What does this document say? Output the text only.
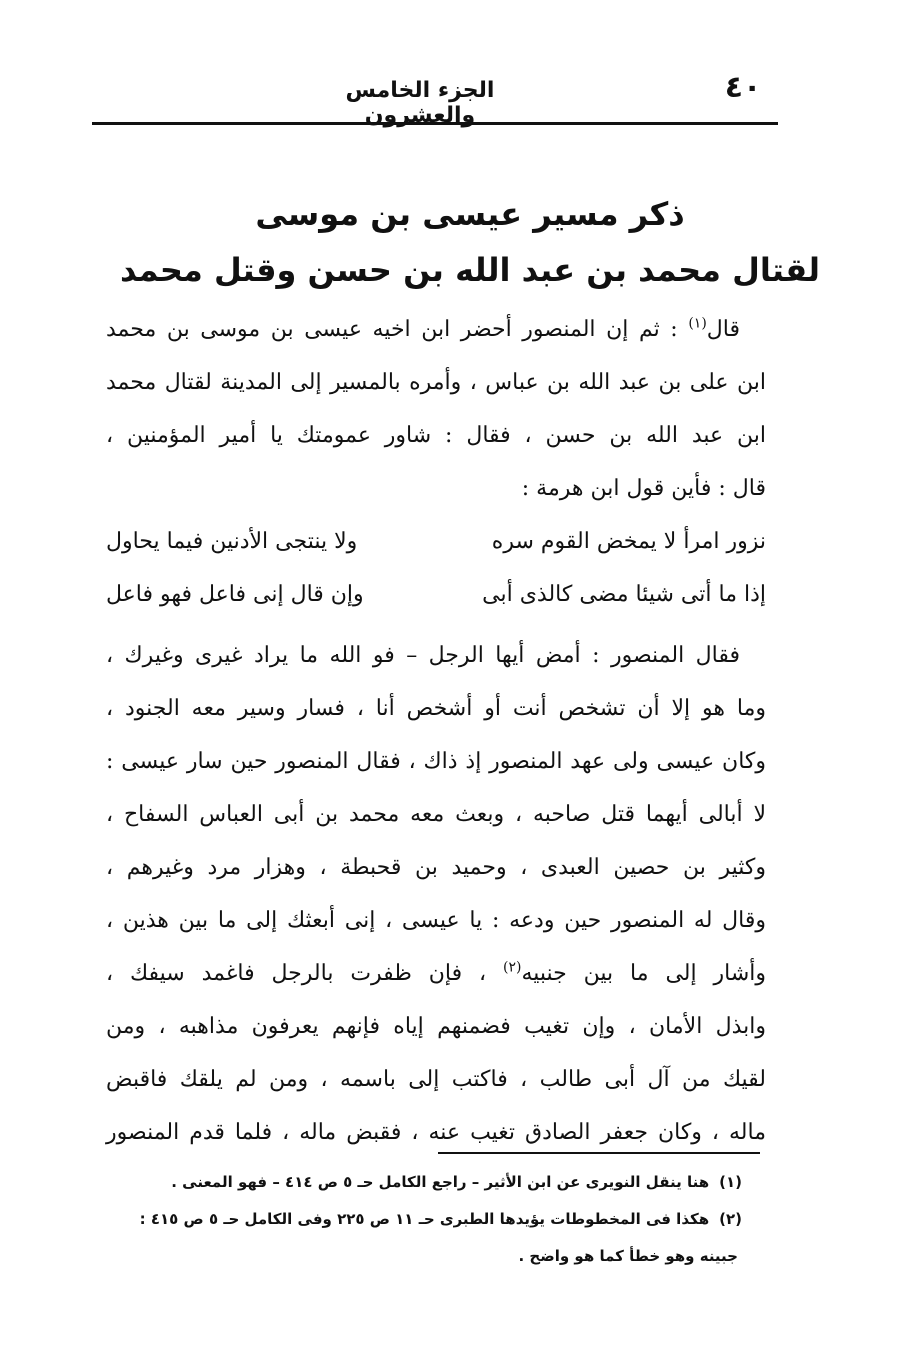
٤٠
الجزء الخامس والعشرون
ذكر مسير عيسى بن موسى
لقتال محمد بن عبد الله بن حسن وقتل محمد
قال$^{(١)}$ : ثم إن المنصور أحضر ابن اخيه عيسى بن موسى بن محمد
ابن على بن عبد الله بن عباس ، وأمره بالمسير إلى المدينة لقتال محمد
ابن عبد الله بن حسن ، فقال : شاور عمومتك يا أمير المؤمنين ،
قال : فأين قول ابن هرمة :
نزور امرأ لا يمخض القوم سره
ولا ينتجى الأدنين فيما يحاول
إذا ما أتى شيئا مضى كالذى أبى
وإن قال إنى فاعل فهو فاعل
فقال المنصور : أمض أيها الرجل – فو الله ما يراد غيرى وغيرك ،
وما هو إلا أن تشخص أنت أو أشخص أنا ، فسار وسير معه الجنود ،
وكان عيسى ولى عهد المنصور إذ ذاك ، فقال المنصور حين سار عيسى :
لا أبالى أيهما قتل صاحبه ، وبعث معه محمد بن أبى العباس السفاح ،
وكثير بن حصين العبدى ، وحميد بن قحبطة ، وهزار مرد وغيرهم ،
وقال له المنصور حين ودعه : يا عيسى ، إنى أبعثك إلى ما بين هذين ،
وأشار إلى ما بين جنبيه$^{(٢)}$ ، فإن ظفرت بالرجل فاغمد سيفك ،
وابذل الأمان ، وإن تغيب فضمنهم إياه فإنهم يعرفون مذاهبه ، ومن
لقيك من آل أبى طالب ، فاكتب إلى باسمه ، ومن لم يلقك فاقبض
ماله ، وكان جعفر الصادق تغيب عنه ، فقبض ماله ، فلما قدم المنصور
(١)هنا ينقل النويرى عن ابن الأثير – راجع الكامل حـ ٥ ص ٤١٤ – فهو المعنى .
(٢)هكذا فى المخطوطات يؤيدها الطبرى حـ ١١ ص ٢٢٥ وفى الكامل حـ ٥ ص ٤١٥ :
جبينه وهو خطأ كما هو واضح .
